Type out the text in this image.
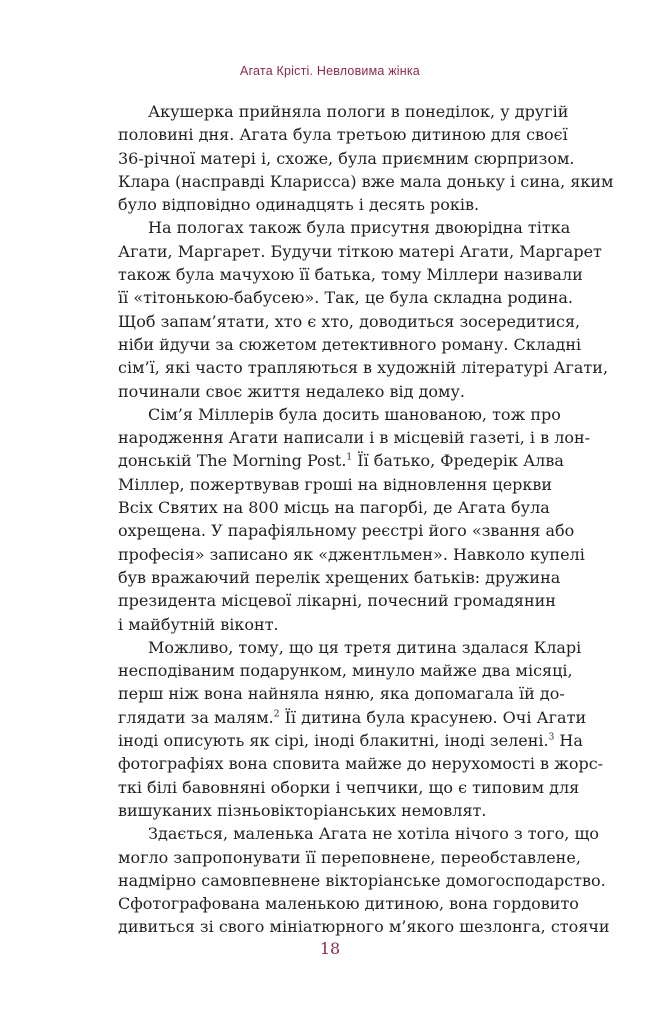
Агата Крісті. Невловима жінка
Акушерка прийняла пологи в понеділок, у другій
половині дня. Агата була третьою дитиною для своєї
36-річної матері і, схоже, була приємним сюрпризом.
Клара (насправді Кларисса) вже мала доньку і сина, яким
було відповідно одинадцять і десять років.
На пологах також була присутня двоюрідна тітка
Агати, Маргарет. Будучи тіткою матері Агати, Маргарет
також була мачухою її батька, тому Міллери називали
її «тітонькою-бабусею». Так, це була складна родина.
Щоб запам’ятати, хто є хто, доводиться зосередитися,
ніби йдучи за сюжетом детективного роману. Складні
сім’ї, які часто трапляються в художній літературі Агати,
починали своє життя недалеко від дому.
Сім’я Міллерів була досить шанованою, тож про
народження Агати написали і в місцевій газеті, і в лон-
донській The Morning Post.$^1$ Її батько, Фредерік Алва
Міллер, пожертвував гроші на відновлення церкви
Всіх Святих на 800 місць на пагорбі, де Агата була
охрещена. У парафіяльному реєстрі його «звання або
професія» записано як «джентльмен». Навколо купелі
був вражаючий перелік хрещених батьків: дружина
президента місцевої лікарні, почесний громадянин
і майбутній віконт.
Можливо, тому, що ця третя дитина здалася Кларі
несподіваним подарунком, минуло майже два місяці,
перш ніж вона найняла няню, яка допомагала їй до-
глядати за малям.$^2$ Її дитина була красунею. Очі Агати
іноді описують як сірі, іноді блакитні, іноді зелені.$^3$ На
фотографіях вона сповита майже до нерухомості в жорс-
ткі білі бавовняні оборки і чепчики, що є типовим для
вишуканих пізньовікторіанських немовлят.
Здається, маленька Агата не хотіла нічого з того, що
могло запропонувати її переповнене, переобставлене,
надмірно самовпевнене вікторіанське домогосподарство.
Сфотографована маленькою дитиною, вона гордовито
дивиться зі свого мініатюрного м’якого шезлонга, стоячи
18
